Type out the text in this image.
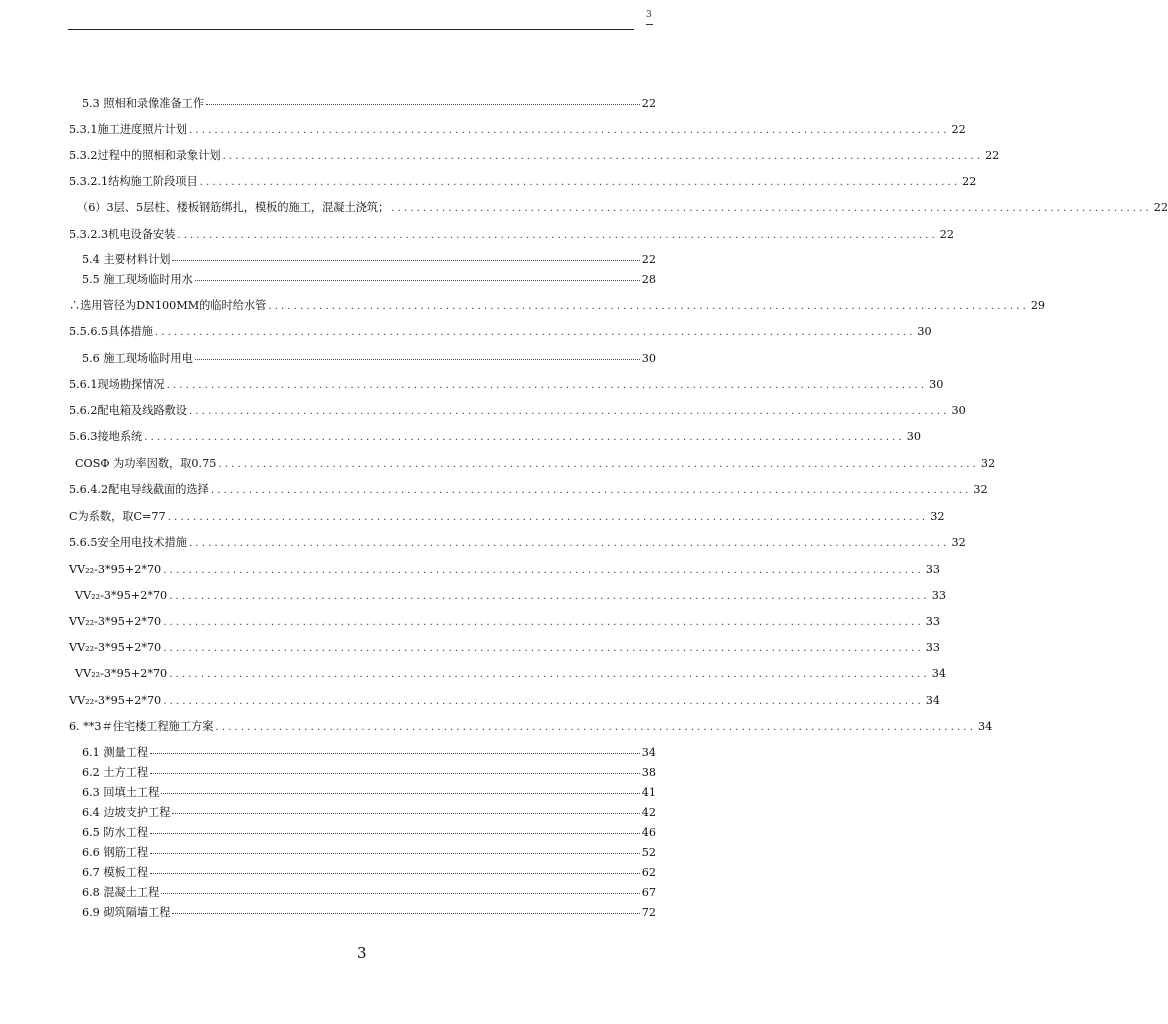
3
5.3 照相和录像准备工作	22
5.3.1施工进度照片计划 ........................................................................................................................ 22
5.3.2过程中的照相和录象计划 ........................................................................................................................ 22
5.3.2.1结构施工阶段项目 ........................................................................................................................ 22
（6）3层、5层柱、楼板钢筋绑扎，模板的施工，混凝土浇筑； ........................................................................................................................ 22
5.3.2.3机电设备安装 ........................................................................................................................ 22
5.4 主要材料计划	22
5.5 施工现场临时用水	28
∴选用管径为DN100MM的临时给水管 ........................................................................................................................ 29
5.5.6.5具体措施 ........................................................................................................................ 30
5.6 施工现场临时用电	30
5.6.1现场勘探情况 ........................................................................................................................ 30
5.6.2配电箱及线路敷设 ........................................................................................................................ 30
5.6.3接地系统 ........................................................................................................................ 30
COSΦ 为功率因数，取0.75 ........................................................................................................................ 32
5.6.4.2配电导线截面的选择 ........................................................................................................................ 32
C为系数，取C=77 ........................................................................................................................ 32
5.6.5安全用电技术措施 ........................................................................................................................ 32
VV₂₂-3*95+2*70 ........................................................................................................................ 33
VV₂₂-3*95+2*70 ........................................................................................................................ 33
VV₂₂-3*95+2*70 ........................................................................................................................ 33
VV₂₂-3*95+2*70 ........................................................................................................................ 33
VV₂₂-3*95+2*70 ........................................................................................................................ 34
VV₂₂-3*95+2*70 ........................................................................................................................ 34
6. **3＃住宅楼工程施工方案 ........................................................................................................................ 34
6.1 测量工程	34
6.2 土方工程	38
6.3 回填土工程	41
6.4 边坡支护工程	42
6.5 防水工程	46
6.6 钢筋工程	52
6.7 模板工程	62
6.8 混凝土工程	67
6.9 砌筑隔墙工程	72
3
